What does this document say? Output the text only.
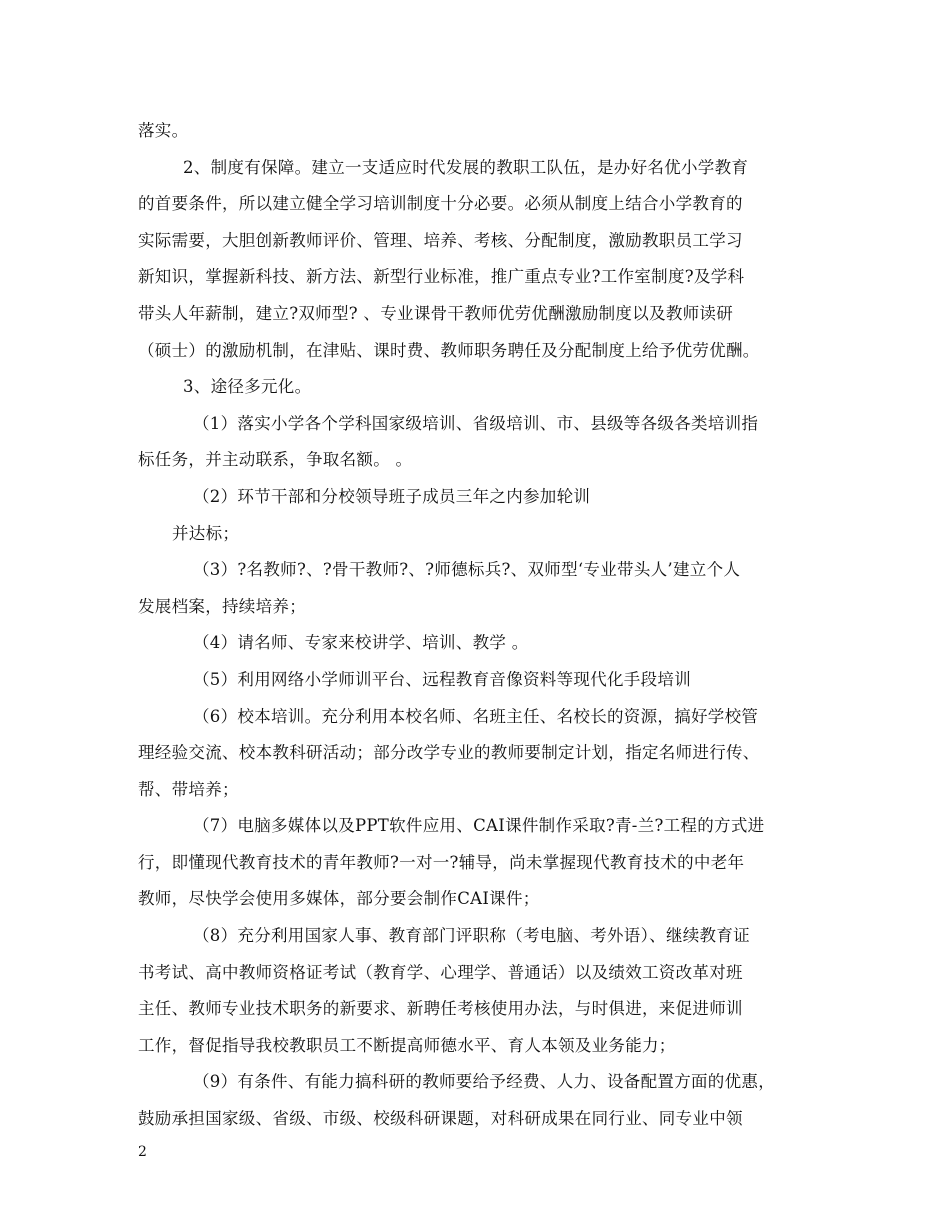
落实。
2、制度有保障。建立一支适应时代发展的教职工队伍，是办好名优小学教育
的首要条件，所以建立健全学习培训制度十分必要。必须从制度上结合小学教育的
实际需要，大胆创新教师评价、管理、培养、考核、分配制度，激励教职员工学习
新知识，掌握新科技、新方法、新型行业标准，推广重点专业?工作室制度?及学科
带头人年薪制，建立?双师型? 、专业课骨干教师优劳优酬激励制度以及教师读研
（硕士）的激励机制，在津贴、课时费、教师职务聘任及分配制度上给予优劳优酬。
3、途径多元化。
（1）落实小学各个学科国家级培训、省级培训、市、县级等各级各类培训指
标任务，并主动联系，争取名额。 。
（2）环节干部和分校领导班子成员三年之内参加轮训
并达标；
（3）?名教师?、?骨干教师?、?师德标兵?、双师型‘专业带头人’建立个人
发展档案，持续培养；
（4）请名师、专家来校讲学、培训、教学 。
（5）利用网络小学师训平台、远程教育音像资料等现代化手段培训
（6）校本培训。充分利用本校名师、名班主任、名校长的资源，搞好学校管
理经验交流、校本教科研活动；部分改学专业的教师要制定计划，指定名师进行传、
帮、带培养；
（7）电脑多媒体以及PPT软件应用、CAI课件制作采取?青-兰?工程的方式进
行，即懂现代教育技术的青年教师?一对一?辅导，尚未掌握现代教育技术的中老年
教师，尽快学会使用多媒体，部分要会制作CAI课件；
（8）充分利用国家人事、教育部门评职称（考电脑、考外语）、继续教育证
书考试、高中教师资格证考试（教育学、心理学、普通话）以及绩效工资改革对班
主任、教师专业技术职务的新要求、新聘任考核使用办法，与时俱进，来促进师训
工作，督促指导我校教职员工不断提高师德水平、育人本领及业务能力；
（9）有条件、有能力搞科研的教师要给予经费、人力、设备配置方面的优惠，
鼓励承担国家级、省级、市级、校级科研课题，对科研成果在同行业、同专业中领
2
